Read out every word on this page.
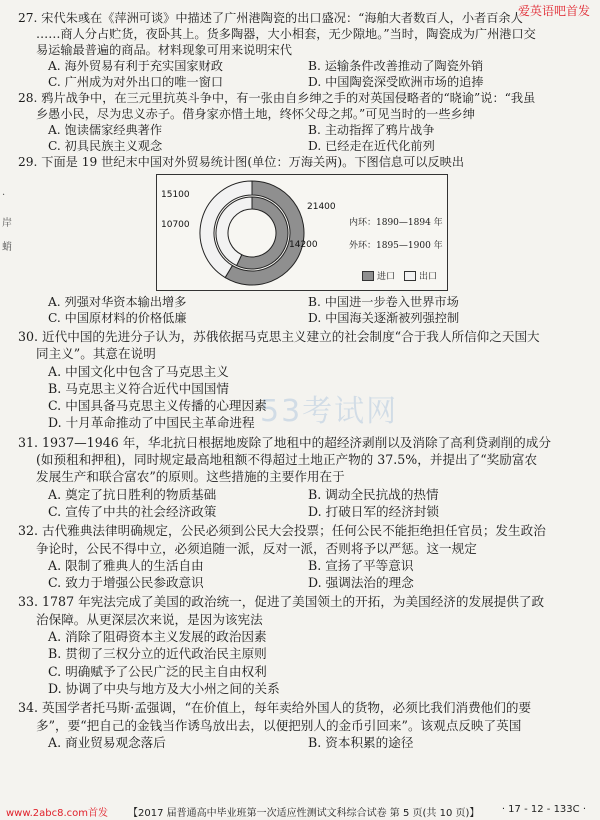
爱英语吧首发
·
岸
蛸
53考试网
27. 宋代朱彧在《萍洲可谈》中描述了广州港陶瓷的出口盛况：“海舶大者数百人，小者百余人
……商人分占贮货，夜卧其上。货多陶器，大小相套，无少隙地。”当时，陶瓷成为广州港口交
易运输最普遍的商品。材料现象可用来说明宋代
A. 海外贸易有利于充实国家财政	B. 运输条件改善推动了陶瓷外销
C. 广州成为对外出口的唯一窗口	D. 中国陶瓷深受欧洲市场的追捧
28. 鸦片战争中，在三元里抗英斗争中，有一张由自乡绅之手的对英国侵略者的“晓谕”说：“我虽
乡愚小民，尽为忠义赤子。借身家亦惜土地，终怀父母之邦。”可见当时的一些乡绅
A. 饱读儒家经典著作	B. 主动指挥了鸦片战争
C. 初具民族主义观念	D. 已经走在近代化前列
29. 下面是 19 世纪末中国对外贸易统计图(单位：万海关两)。下图信息可以反映出
15100
10700
21400
14200
内环：1890—1894 年
外环：1895—1900 年
进口	出口
A. 列强对华资本输出增多	B. 中国进一步卷入世界市场
C. 中国原材料的价格低廉	D. 中国海关逐渐被列强控制
30. 近代中国的先进分子认为，苏俄依据马克思主义建立的社会制度“合于我人所信仰之天国大
同主义”。其意在说明
A. 中国文化中包含了马克思主义
B. 马克思主义符合近代中国国情
C. 中国具备马克思主义传播的心理因素
D. 十月革命推动了中国民主革命进程
31. 1937—1946 年，华北抗日根据地废除了地租中的超经济剥削以及消除了高利贷剥削的成分
(如预租和押租)，同时规定最高地租额不得超过土地正产物的 37.5%，并提出了“奖励富农
发展生产和联合富农”的原则。这些措施的主要作用在于
A. 奠定了抗日胜利的物质基础	B. 调动全民抗战的热情
C. 宣传了中共的社会经济政策	D. 打破日军的经济封锁
32. 古代雅典法律明确规定，公民必须到公民大会投票；任何公民不能拒绝担任官员；发生政治
争论时，公民不得中立，必须追随一派，反对一派，否则将予以严惩。这一规定
A. 限制了雅典人的生活自由	B. 宣扬了平等意识
C. 致力于增强公民参政意识	D. 强调法治的理念
33. 1787 年宪法完成了美国的政治统一，促进了美国领土的开拓，为美国经济的发展提供了政
治保障。从更深层次来说，是因为该宪法
A. 消除了阻碍资本主义发展的政治因素
B. 贯彻了三权分立的近代政治民主原则
C. 明确赋予了公民广泛的民主自由权利
D. 协调了中央与地方及大小州之间的关系
34. 英国学者托马斯·孟强调，“在价值上，每年卖给外国人的货物，必须比我们消费他们的要
多”，要“把自己的金钱当作诱鸟放出去，以便把别人的金币引回来”。该观点反映了英国
A. 商业贸易观念落后	B. 资本积累的途径
www.2abc8.com首发 【2017 届普通高中毕业班第一次适应性测试文科综合试卷 第 5 页(共 10 页)】 · 17 - 12 - 133C ·
